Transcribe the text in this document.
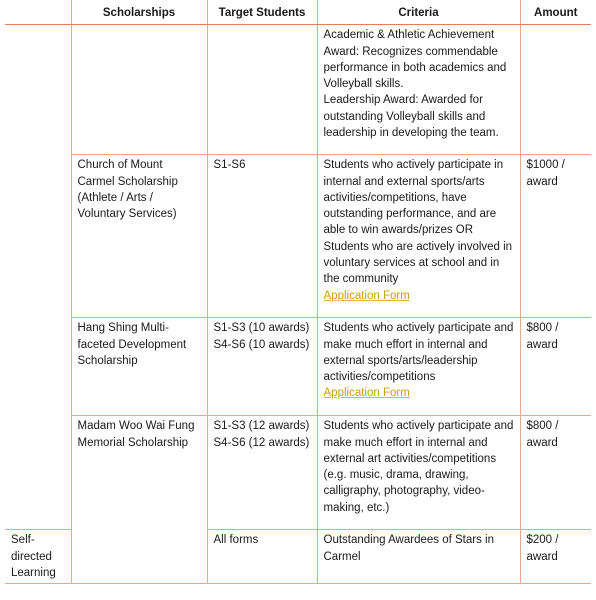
	Scholarships	Target Students	Criteria	Amount

			Academic & Athletic Achievement Award: Recognizes commendable performance in both academics and Volleyball skills.
Leadership Award: Awarded for outstanding Volleyball skills and leadership in developing the team.	

	Church of Mount Carmel Scholarship (Athlete / Arts / Voluntary Services)	S1-S6	Students who actively participate in internal and external sports/arts activities/competitions, have outstanding performance, and are able to win awards/prizes OR
Students who are actively involved in voluntary services at school and in the community
Application Form	$1000 / award
	Hang Shing Multi-faceted Development Scholarship	S1-S3 (10 awards)
S4-S6 (10 awards)	Students who actively participate and make much effort in internal and external sports/arts/leadership activities/competitions
Application Form	$800 / award
	Madam Woo Wai Fung Memorial Scholarship	S1-S3 (12 awards)
S4-S6 (12 awards)	Students who actively participate and make much effort in internal and external art activities/competitions (e.g. music, drama, drawing, calligraphy, photography, video-making, etc.)	$800 / award
Self-directed Learning		All forms	Outstanding Awardees of Stars in Carmel	$200 / award
